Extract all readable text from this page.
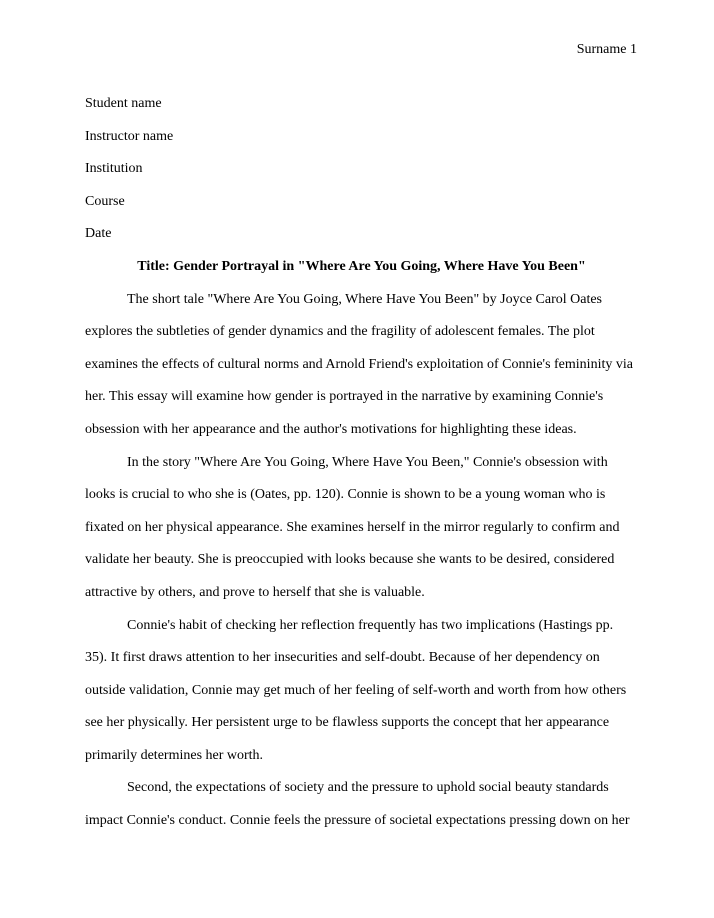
Surname 1

Student name

Instructor name

Institution

Course

Date

Title: Gender Portrayal in "Where Are You Going, Where Have You Been"

The short tale "Where Are You Going, Where Have You Been" by Joyce Carol Oates explores the subtleties of gender dynamics and the fragility of adolescent females. The plot examines the effects of cultural norms and Arnold Friend's exploitation of Connie's femininity via her. This essay will examine how gender is portrayed in the narrative by examining Connie's obsession with her appearance and the author's motivations for highlighting these ideas.

In the story "Where Are You Going, Where Have You Been," Connie's obsession with looks is crucial to who she is (Oates, pp. 120). Connie is shown to be a young woman who is fixated on her physical appearance. She examines herself in the mirror regularly to confirm and validate her beauty. She is preoccupied with looks because she wants to be desired, considered attractive by others, and prove to herself that she is valuable.

Connie's habit of checking her reflection frequently has two implications (Hastings pp. 35). It first draws attention to her insecurities and self-doubt. Because of her dependency on outside validation, Connie may get much of her feeling of self-worth and worth from how others see her physically. Her persistent urge to be flawless supports the concept that her appearance primarily determines her worth.

Second, the expectations of society and the pressure to uphold social beauty standards impact Connie's conduct. Connie feels the pressure of societal expectations pressing down on her
